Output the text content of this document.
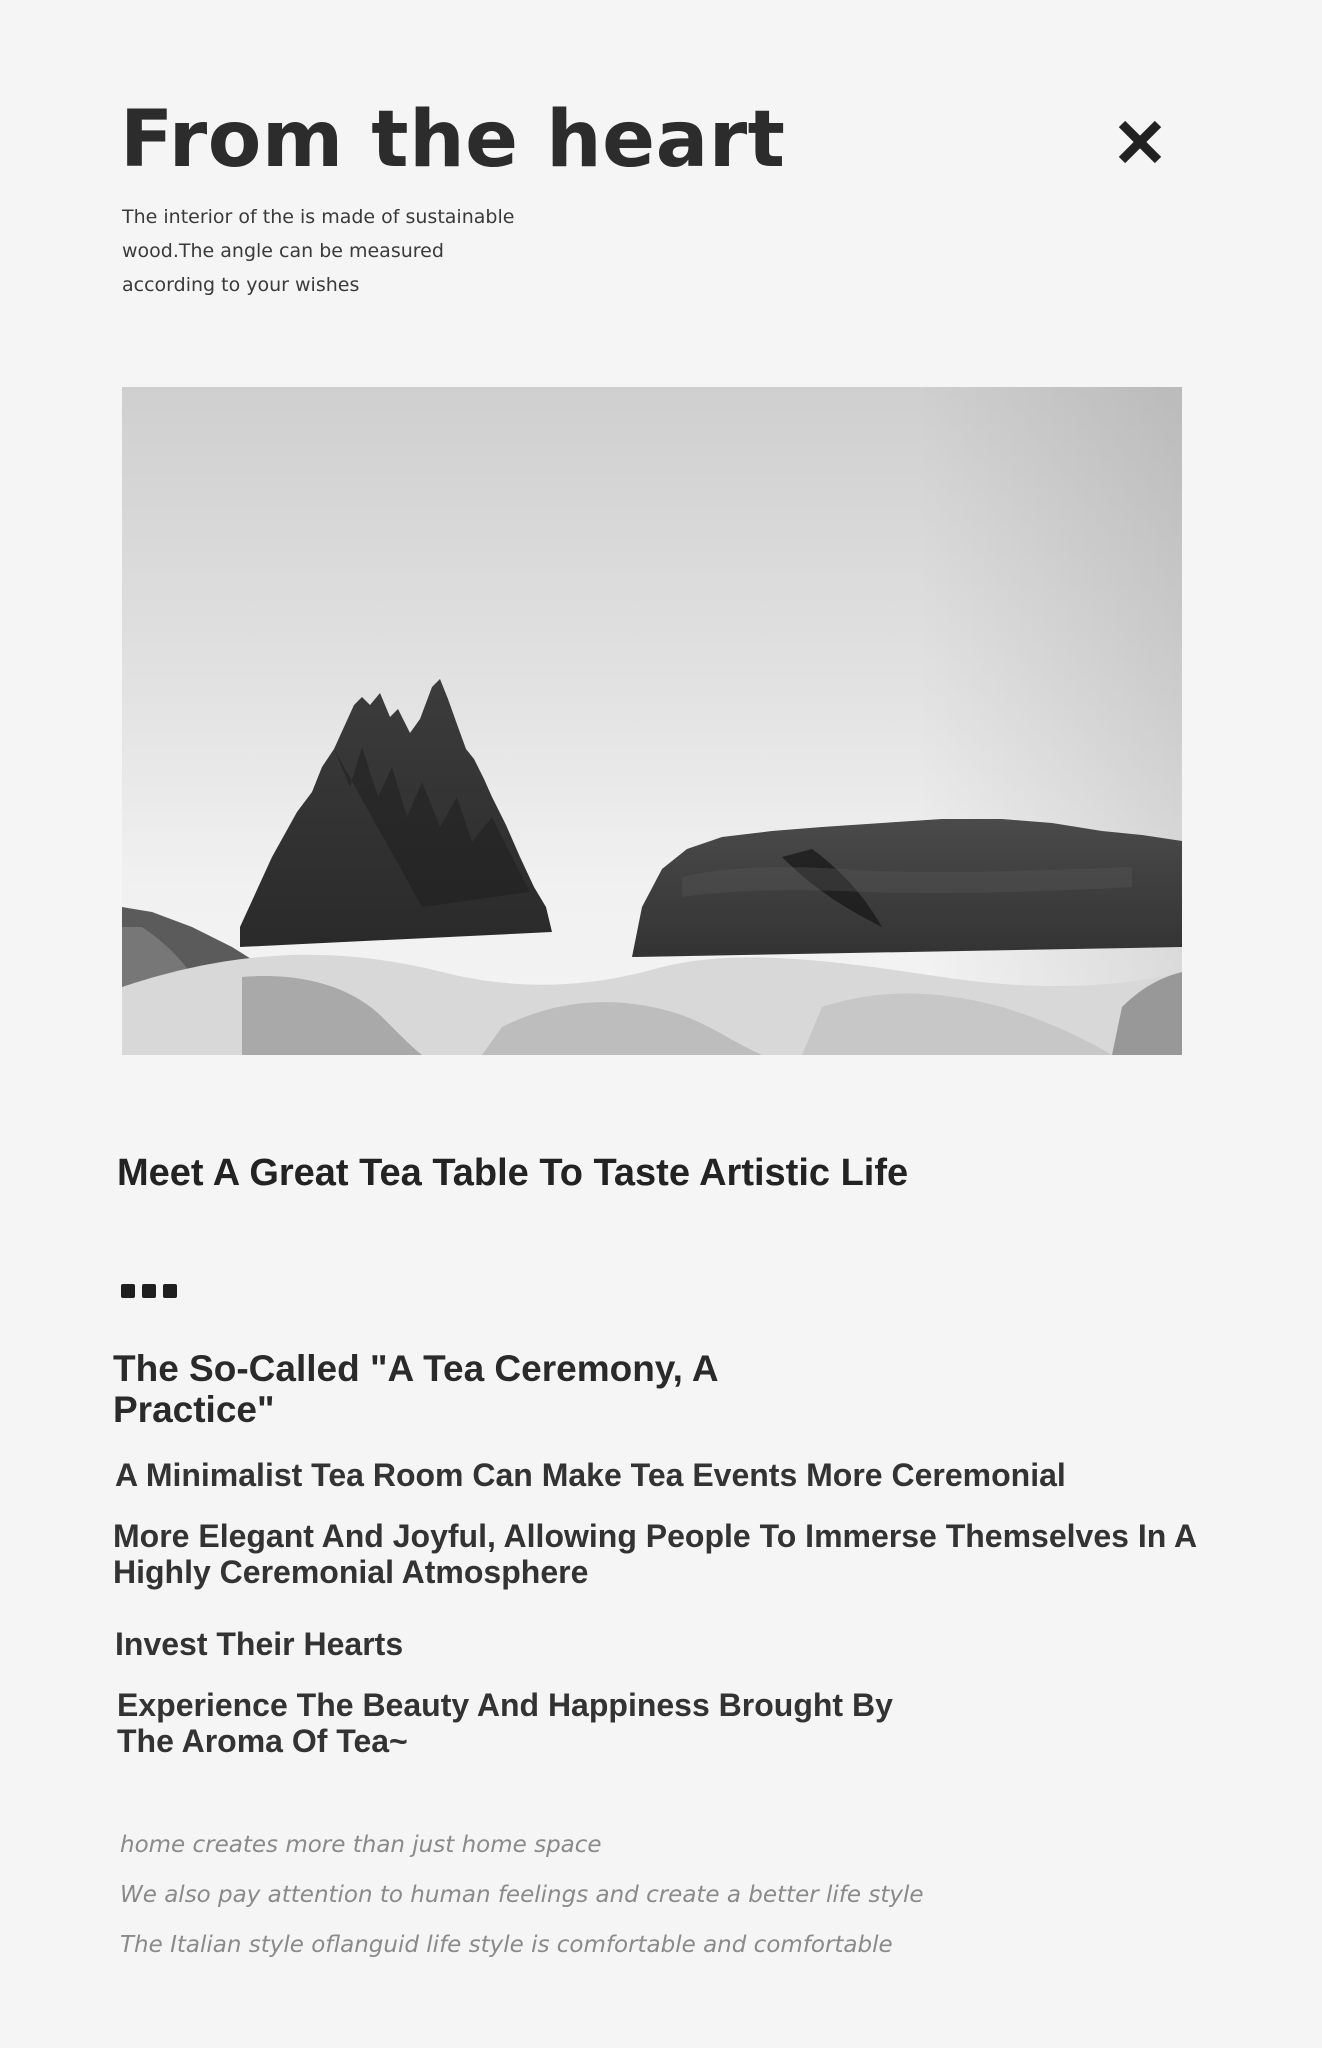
From the heart

The interior of the is made of sustainable
wood.The angle can be measured
according to your wishes

Meet A Great Tea Table To Taste Artistic Life
The So-Called "A Tea Ceremony, A
Practice"

A Minimalist Tea Room Can Make Tea Events More Ceremonial

More Elegant And Joyful, Allowing People To Immerse Themselves In A Highly Ceremonial Atmosphere

Invest Their Hearts

Experience The Beauty And Happiness Brought By The Aroma Of Tea~

home creates more than just home space
We also pay attention to human feelings and create a better life style
The Italian style oflanguid life style is comfortable and comfortable
